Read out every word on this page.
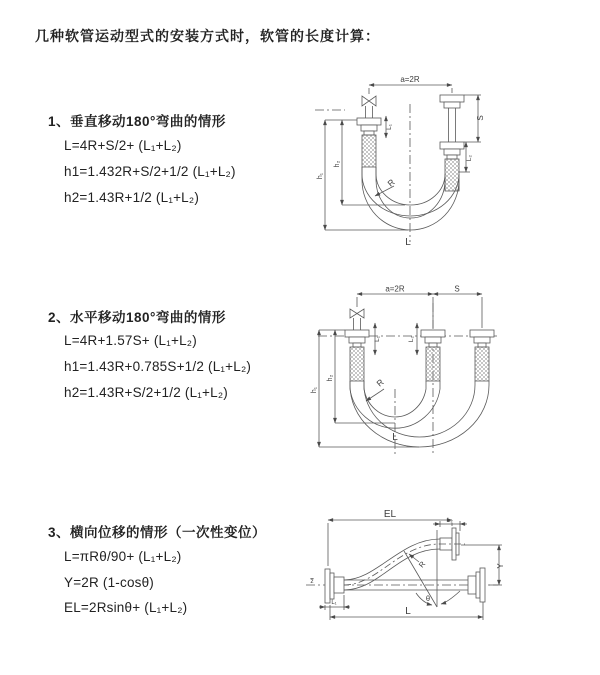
几种软管运动型式的安装方式时，软管的长度计算：
1、垂直移动180°弯曲的情形
L=4R+S/2+ (L₁+L₂)
h1=1.432R+S/2+1/2 (L₁+L₂)
h2=1.43R+1/2 (L₁+L₂)
2、水平移动180°弯曲的情形
L=4R+1.57S+ (L₁+L₂)
h1=1.43R+0.785S+1/2 (L₁+L₂)
h2=1.43R+S/2+1/2 (L₁+L₂)
3、横向位移的情形（一次性变位）
L=πRθ/90+ (L₁+L₂)
Y=2R (1-cosθ)
EL=2Rsinθ+ (L₁+L₂)
a=2R
S
L₁
L₂
h₁
h₂
R
L
a=2R	S
L₁	L₂
h₁
h₂	R
L
EL
L₂
Y
L
L₁
R
θ
z
